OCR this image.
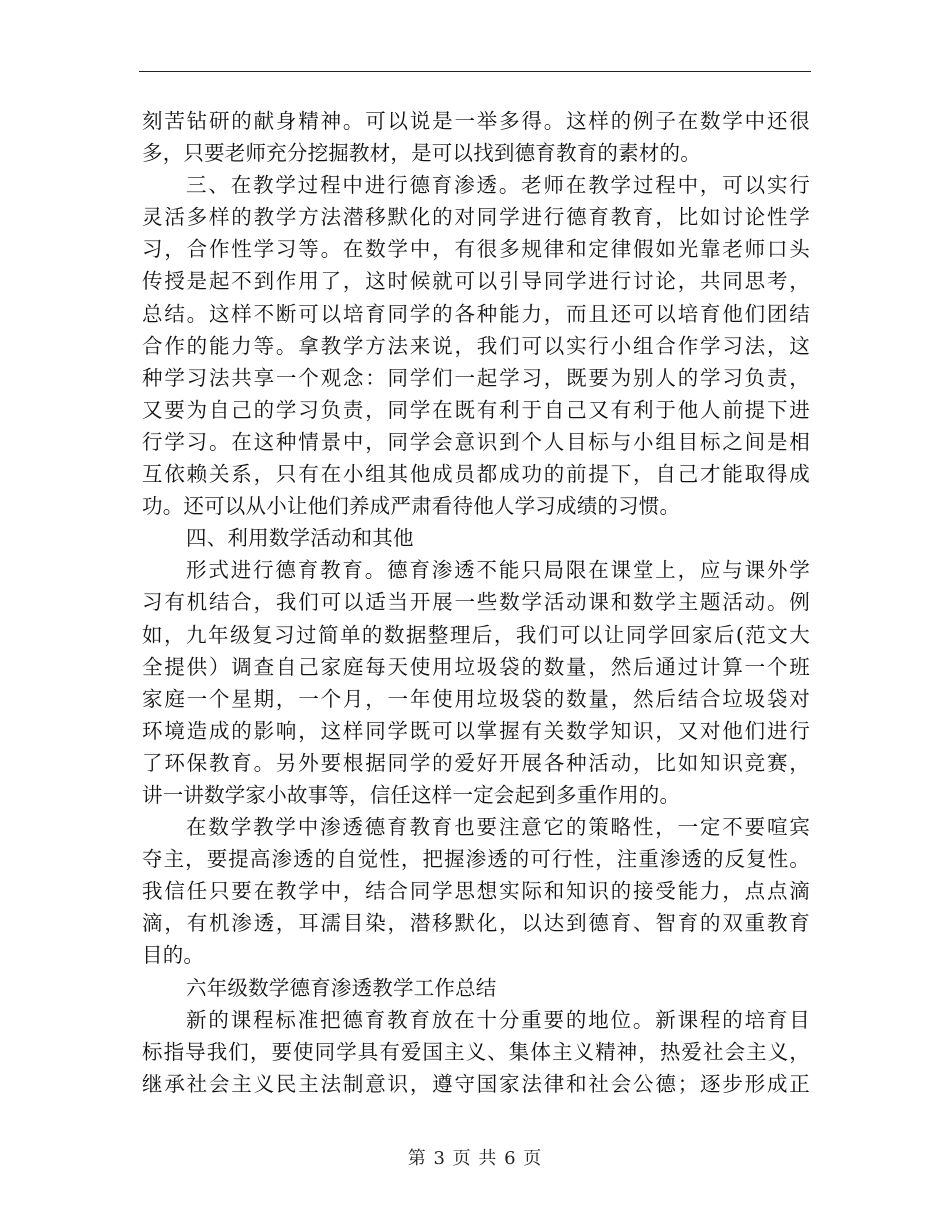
刻苦钻研的献身精神。可以说是一举多得。这样的例子在数学中还很
多，只要老师充分挖掘教材，是可以找到德育教育的素材的。
三、在教学过程中进行德育渗透。老师在教学过程中，可以实行
灵活多样的教学方法潜移默化的对同学进行德育教育，比如讨论性学
习，合作性学习等。在数学中，有很多规律和定律假如光靠老师口头
传授是起不到作用了，这时候就可以引导同学进行讨论，共同思考，
总结。这样不断可以培育同学的各种能力，而且还可以培育他们团结
合作的能力等。拿教学方法来说，我们可以实行小组合作学习法，这
种学习法共享一个观念：同学们一起学习，既要为别人的学习负责，
又要为自己的学习负责，同学在既有利于自己又有利于他人前提下进
行学习。在这种情景中，同学会意识到个人目标与小组目标之间是相
互依赖关系，只有在小组其他成员都成功的前提下，自己才能取得成
功。还可以从小让他们养成严肃看待他人学习成绩的习惯。
四、利用数学活动和其他
形式进行德育教育。德育渗透不能只局限在课堂上，应与课外学
习有机结合，我们可以适当开展一些数学活动课和数学主题活动。例
如，九年级复习过简单的数据整理后，我们可以让同学回家后(范文大
全提供）调查自己家庭每天使用垃圾袋的数量，然后通过计算一个班
家庭一个星期，一个月，一年使用垃圾袋的数量，然后结合垃圾袋对
环境造成的影响，这样同学既可以掌握有关数学知识，又对他们进行
了环保教育。另外要根据同学的爱好开展各种活动，比如知识竞赛，
讲一讲数学家小故事等，信任这样一定会起到多重作用的。
在数学教学中渗透德育教育也要注意它的策略性，一定不要喧宾
夺主，要提高渗透的自觉性，把握渗透的可行性，注重渗透的反复性。
我信任只要在教学中，结合同学思想实际和知识的接受能力，点点滴
滴，有机渗透，耳濡目染，潜移默化，以达到德育、智育的双重教育
目的。
六年级数学德育渗透教学工作总结
新的课程标准把德育教育放在十分重要的地位。新课程的培育目
标指导我们，要使同学具有爱国主义、集体主义精神，热爱社会主义，
继承社会主义民主法制意识，遵守国家法律和社会公德；逐步形成正
第 3 页 共 6 页
